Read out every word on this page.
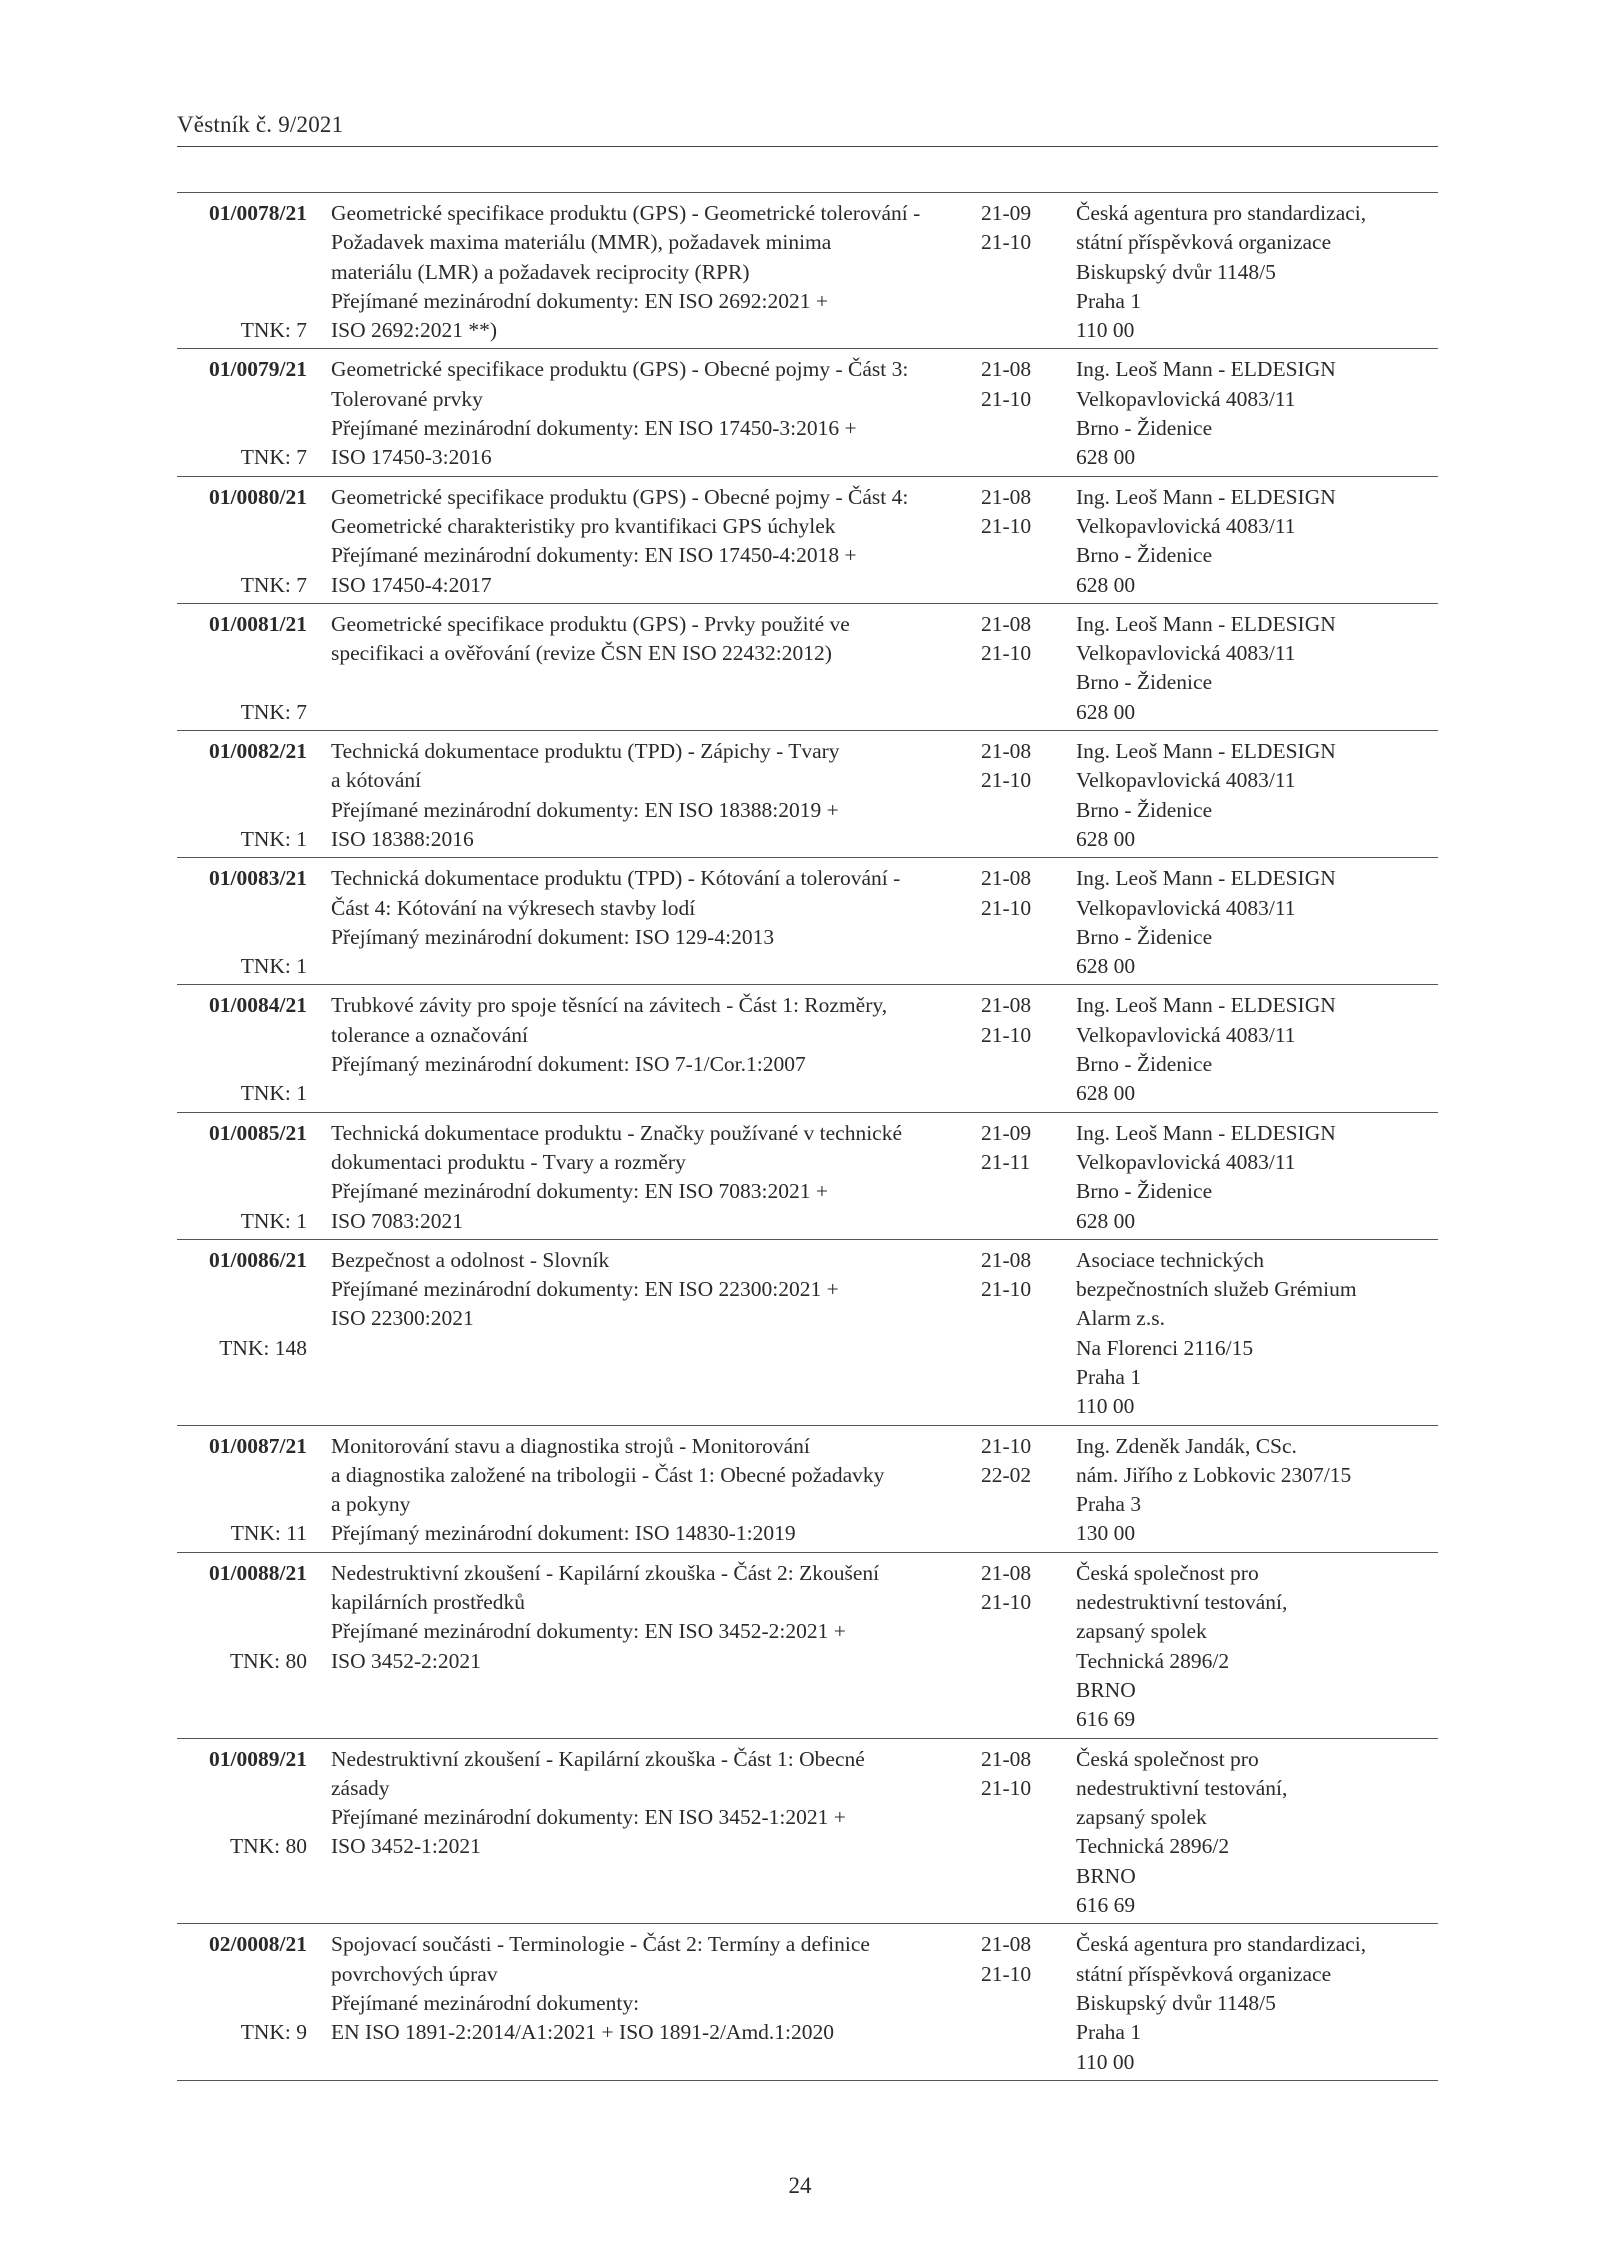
Věstník č. 9/2021
01/0078/21
TNK: 7
Geometrické specifikace produktu (GPS) - Geometrické tolerování -
Požadavek maxima materiálu (MMR), požadavek minima
materiálu (LMR) a požadavek reciprocity (RPR)
Přejímané mezinárodní dokumenty: EN ISO 2692:2021 +
ISO 2692:2021 **)
21-09
21-10
Česká agentura pro standardizaci,
státní příspěvková organizace
Biskupský dvůr 1148/5
Praha 1
110 00
01/0079/21
TNK: 7
Geometrické specifikace produktu (GPS) - Obecné pojmy - Část 3:
Tolerované prvky
Přejímané mezinárodní dokumenty: EN ISO 17450-3:2016 +
ISO 17450-3:2016
21-08
21-10
Ing. Leoš Mann - ELDESIGN
Velkopavlovická 4083/11
Brno - Židenice
628 00
01/0080/21
TNK: 7
Geometrické specifikace produktu (GPS) - Obecné pojmy - Část 4:
Geometrické charakteristiky pro kvantifikaci GPS úchylek
Přejímané mezinárodní dokumenty: EN ISO 17450-4:2018 +
ISO 17450-4:2017
21-08
21-10
Ing. Leoš Mann - ELDESIGN
Velkopavlovická 4083/11
Brno - Židenice
628 00
01/0081/21
TNK: 7
Geometrické specifikace produktu (GPS) - Prvky použité ve
specifikaci a ověřování (revize ČSN EN ISO 22432:2012)
21-08
21-10
Ing. Leoš Mann - ELDESIGN
Velkopavlovická 4083/11
Brno - Židenice
628 00
01/0082/21
TNK: 1
Technická dokumentace produktu (TPD) - Zápichy - Tvary
a kótování
Přejímané mezinárodní dokumenty: EN ISO 18388:2019 +
ISO 18388:2016
21-08
21-10
Ing. Leoš Mann - ELDESIGN
Velkopavlovická 4083/11
Brno - Židenice
628 00
01/0083/21
TNK: 1
Technická dokumentace produktu (TPD) - Kótování a tolerování -
Část 4: Kótování na výkresech stavby lodí
Přejímaný mezinárodní dokument: ISO 129-4:2013
21-08
21-10
Ing. Leoš Mann - ELDESIGN
Velkopavlovická 4083/11
Brno - Židenice
628 00
01/0084/21
TNK: 1
Trubkové závity pro spoje těsnící na závitech - Část 1: Rozměry,
tolerance a označování
Přejímaný mezinárodní dokument: ISO 7-1/Cor.1:2007
21-08
21-10
Ing. Leoš Mann - ELDESIGN
Velkopavlovická 4083/11
Brno - Židenice
628 00
01/0085/21
TNK: 1
Technická dokumentace produktu - Značky používané v technické
dokumentaci produktu - Tvary a rozměry
Přejímané mezinárodní dokumenty: EN ISO 7083:2021 +
ISO 7083:2021
21-09
21-11
Ing. Leoš Mann - ELDESIGN
Velkopavlovická 4083/11
Brno - Židenice
628 00
01/0086/21
TNK: 148
Bezpečnost a odolnost - Slovník
Přejímané mezinárodní dokumenty: EN ISO 22300:2021 +
ISO 22300:2021
21-08
21-10
Asociace technických
bezpečnostních služeb Grémium
Alarm z.s.
Na Florenci 2116/15
Praha 1
110 00
01/0087/21
TNK: 11
Monitorování stavu a diagnostika strojů - Monitorování
a diagnostika založené na tribologii - Část 1: Obecné požadavky
a pokyny
Přejímaný mezinárodní dokument: ISO 14830-1:2019
21-10
22-02
Ing. Zdeněk Jandák, CSc.
nám. Jiřího z Lobkovic 2307/15
Praha 3
130 00
01/0088/21
TNK: 80
Nedestruktivní zkoušení - Kapilární zkouška - Část 2: Zkoušení
kapilárních prostředků
Přejímané mezinárodní dokumenty: EN ISO 3452-2:2021 +
ISO 3452-2:2021
21-08
21-10
Česká společnost pro
nedestruktivní testování,
zapsaný spolek
Technická 2896/2
BRNO
616 69
01/0089/21
TNK: 80
Nedestruktivní zkoušení - Kapilární zkouška - Část 1: Obecné
zásady
Přejímané mezinárodní dokumenty: EN ISO 3452-1:2021 +
ISO 3452-1:2021
21-08
21-10
Česká společnost pro
nedestruktivní testování,
zapsaný spolek
Technická 2896/2
BRNO
616 69
02/0008/21
TNK: 9
Spojovací součásti - Terminologie - Část 2: Termíny a definice
povrchových úprav
Přejímané mezinárodní dokumenty:
EN ISO 1891-2:2014/A1:2021 + ISO 1891-2/Amd.1:2020
21-08
21-10
Česká agentura pro standardizaci,
státní příspěvková organizace
Biskupský dvůr 1148/5
Praha 1
110 00
24
